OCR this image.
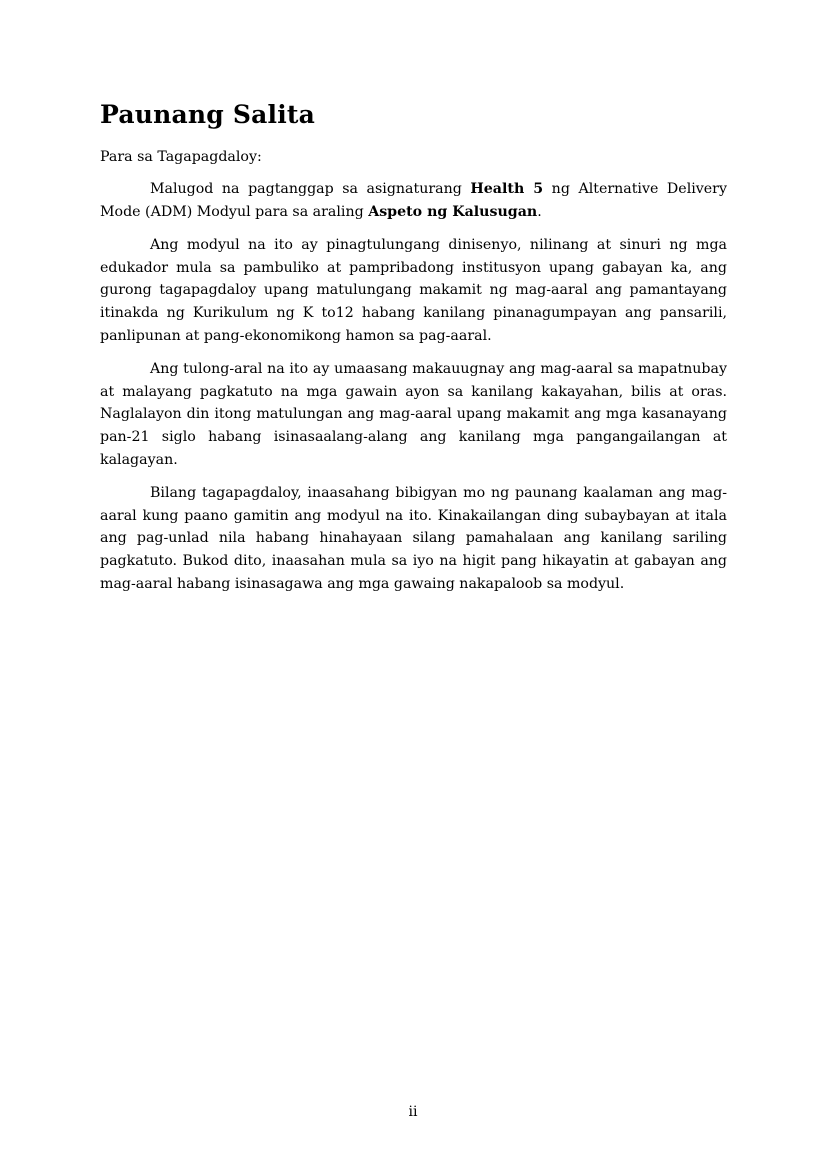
Paunang Salita

Para sa Tagapagdaloy:

Malugod na pagtanggap sa asignaturang Health 5 ng Alternative Delivery Mode (ADM) Modyul para sa araling Aspeto ng Kalusugan.

Ang modyul na ito ay pinagtulungang dinisenyo, nilinang at sinuri ng mga edukador mula sa pambuliko at pampribadong institusyon upang gabayan ka, ang gurong tagapagdaloy upang matulungang makamit ng mag-aaral ang pamantayang itinakda ng Kurikulum ng K to12 habang kanilang pinanagumpayan ang pansarili, panlipunan at pang-ekonomikong hamon sa pag-aaral.

Ang tulong-aral na ito ay umaasang makauugnay ang mag-aaral sa mapatnubay at malayang pagkatuto na mga gawain ayon sa kanilang kakayahan, bilis at oras. Naglalayon din itong matulungan ang mag-aaral upang makamit ang mga kasanayang pan-21 siglo habang isinasaalang-alang ang kanilang mga pangangailangan at kalagayan.

Bilang tagapagdaloy, inaasahang bibigyan mo ng paunang kaalaman ang mag-aaral kung paano gamitin ang modyul na ito. Kinakailangan ding subaybayan at itala ang pag-unlad nila habang hinahayaan silang pamahalaan ang kanilang sariling pagkatuto. Bukod dito, inaasahan mula sa iyo na higit pang hikayatin at gabayan ang mag-aaral habang isinasagawa ang mga gawaing nakapaloob sa modyul.

ii
